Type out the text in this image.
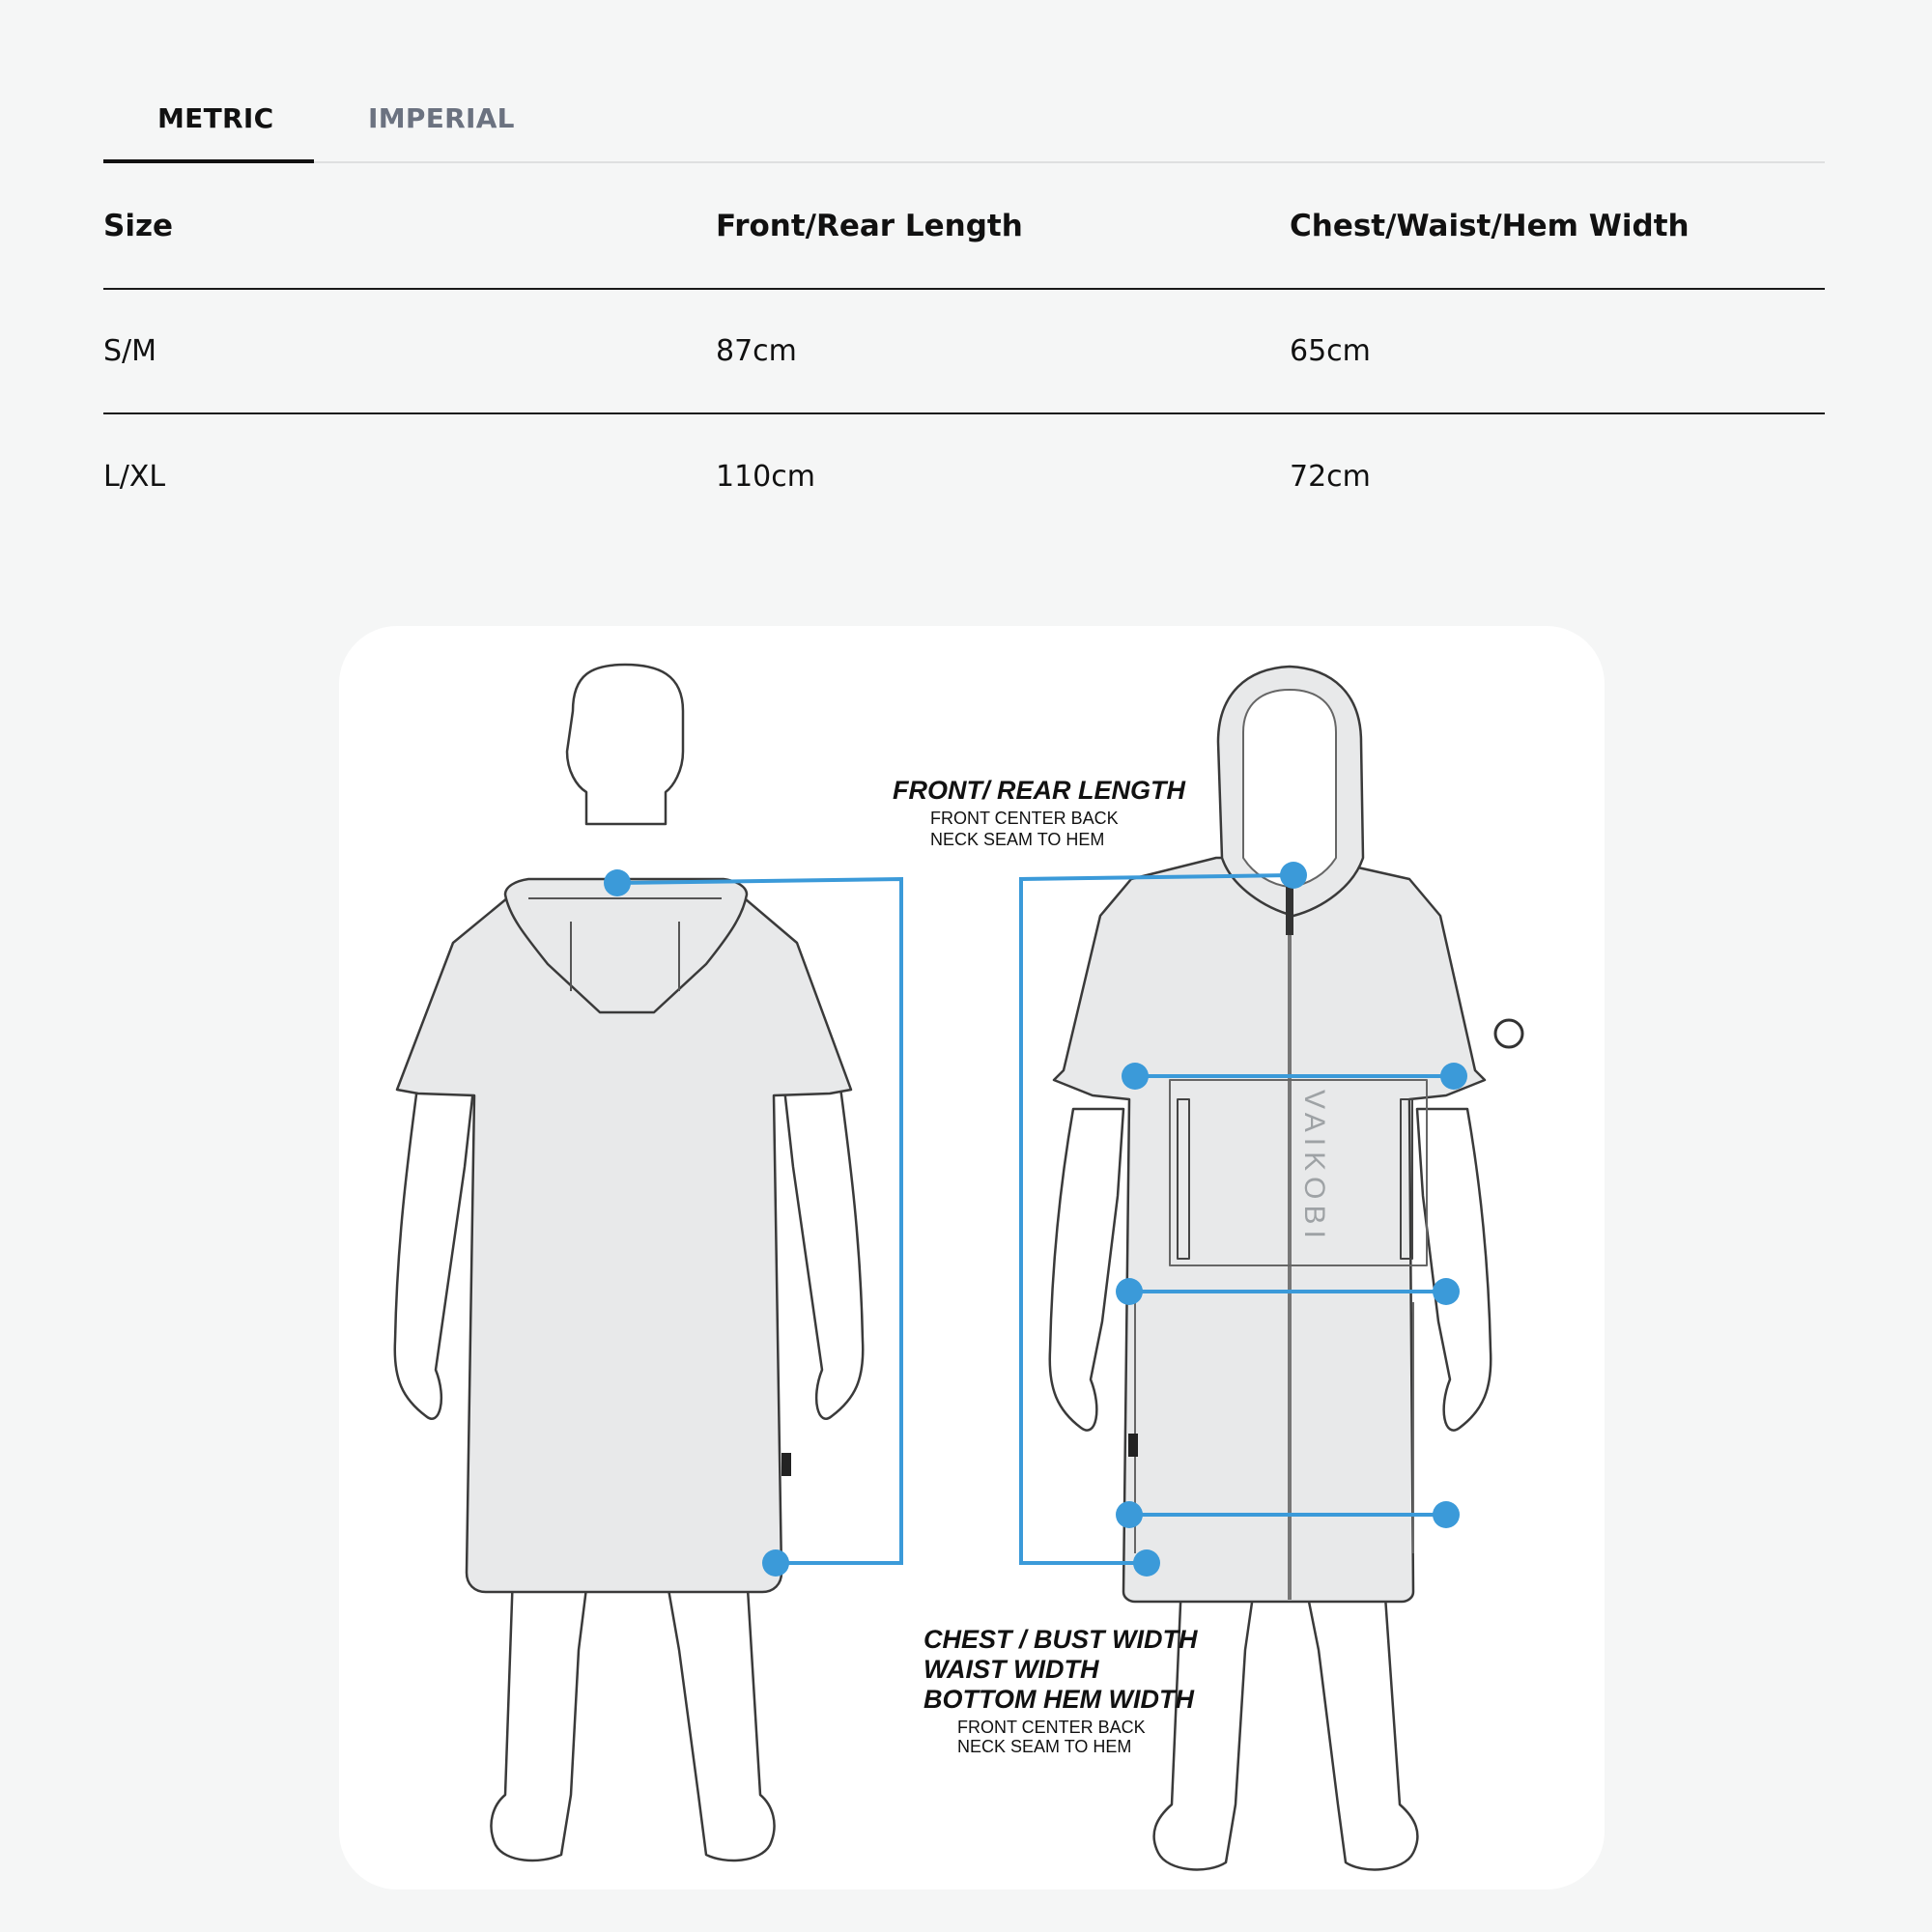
METRIC	IMPERIAL
Size	Front/Rear Length	Chest/Waist/Hem Width
S/M	87cm	65cm
L/XL	110cm	72cm
VAIKOBI
FRONT/ REAR LENGTH
FRONT CENTER BACK
NECK SEAM TO HEM
CHEST / BUST WIDTH
WAIST WIDTH
BOTTOM HEM WIDTH
FRONT CENTER BACK
NECK SEAM TO HEM
